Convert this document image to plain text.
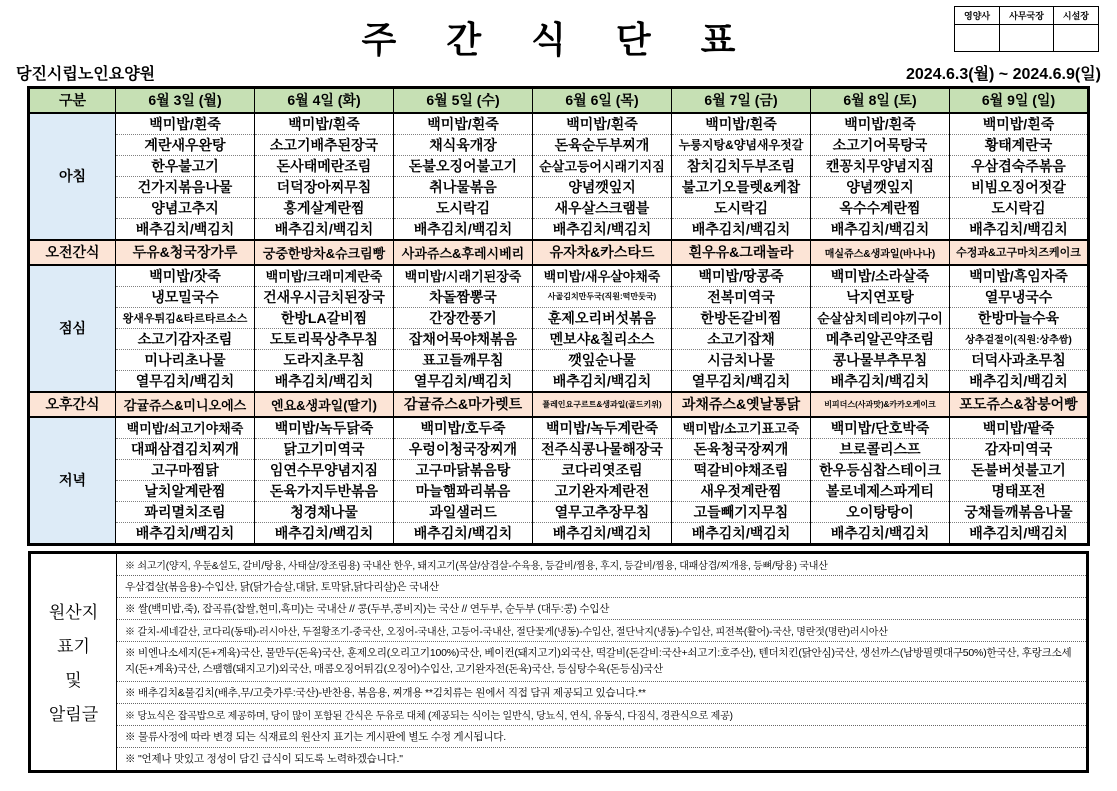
주 간 식 단 표
영양사	사무국장	시설장

당진시립노인요양원	2024.6.3(월) ~ 2024.6.9(일)
구분	6월 3일 (월)	6월 4일 (화)	6월 5일 (수)	6월 6일 (목)	6월 7일 (금)	6월 8일 (토)	6월 9일 (일)
아침	백미밥/흰죽	백미밥/흰죽	백미밥/흰죽	백미밥/흰죽	백미밥/흰죽	백미밥/흰죽	백미밥/흰죽
	계란새우완탕	소고기배추된장국	채식육개장	돈육순두부찌개	누룽지탕&양념새우젓갈	소고기어묵탕국	황태계란국
	한우불고기	돈사태메란조림	돈불오징어불고기	순살고등어시래기지짐	참치김치두부조림	캔꽁치무양념지짐	우삼겹숙주볶음
	건가지볶음나물	더덕장아찌무침	취나물볶음	양념깻잎지	불고기오믈렛&케찹	양념깻잎지	비빔오징어젓갈
	양념고추지	홍게살계란찜	도시락김	새우살스크램블	도시락김	옥수수계란찜	도시락김
	배추김치/백김치	배추김치/백김치	배추김치/백김치	배추김치/백김치	배추김치/백김치	배추김치/백김치	배추김치/백김치
오전간식	두유&청국장가루	궁중한방차&슈크림빵	사과쥬스&후레시베리	유자차&카스타드	흰우유&그래놀라	매실쥬스&생과일(바나나)	수정과&고구마치즈케이크
점심	백미밥/잣죽	백미밥/크래미계란죽	백미밥/시래기된장죽	백미밥/새우살야채죽	백미밥/땅콩죽	백미밥/소라살죽	백미밥/흑임자죽
	냉모밀국수	건새우시금치된장국	차돌짬뽕국	사골김치만두국(직원:떡만둣국)	전복미역국	낙지연포탕	열무냉국수
	왕새우튀김&타르타르소스	한방LA갈비찜	간장깐풍기	훈제오리버섯볶음	한방돈갈비찜	순살삼치데리야끼구이	한방마늘수육
	소고기감자조림	도토리묵상추무침	잡채어묵야채볶음	멘보샤&칠리소스	소고기잡채	메추리알곤약조림	상추겉절이(직원:상추쌈)
	미나리초나물	도라지초무침	표고들깨무침	깻잎순나물	시금치나물	콩나물부추무침	더덕사과초무침
	열무김치/백김치	배추김치/백김치	열무김치/백김치	배추김치/백김치	열무김치/백김치	배추김치/백김치	배추김치/백김치
오후간식	감귤쥬스&미니오에스	엔요&생과일(딸기)	감귤쥬스&마가렛트	플레인요구르트&생과일(골드키위)	과채쥬스&옛날통닭	비피더스(사과맛)&카카오케이크	포도쥬스&참붕어빵
저녁	백미밥/쇠고기야채죽	백미밥/녹두닭죽	백미밥/호두죽	백미밥/녹두계란죽	백미밥/소고기표고죽	백미밥/단호박죽	백미밥/팥죽
	대패삼겹김치찌개	닭고기미역국	우렁이청국장찌개	전주식콩나물해장국	돈육청국장찌개	브로콜리스프	감자미역국
	고구마찜닭	임연수무양념지짐	고구마닭볶음탕	코다리엿조림	떡갈비야채조림	한우등심찹스테이크	돈불버섯불고기
	날치알계란찜	돈육가지두반볶음	마늘햄꽈리볶음	고기완자계란전	새우젓계란찜	볼로네제스파게티	명태포전
	꽈리멸치조림	청경채나물	과일샐러드	열무고추장무침	고들빼기지무침	오이탕탕이	궁채들깨볶음나물
	배추김치/백김치	배추김치/백김치	배추김치/백김치	배추김치/백김치	배추김치/백김치	배추김치/백김치	배추김치/백김치
원산지
표기
및
알림글
※ 쇠고기(양지, 우둔&설도, 갈비/탕용, 사태살/장조림용) 국내산 한우, 돼지고기(목살/삼겹살-수육용, 등갈비/찜용, 후지, 등갈비/찜용, 대패삼겹/찌개용, 등뼈/탕용) 국내산
우삼겹살(볶음용)-수입산, 닭(닭가슴살,대닭, 토막닭,닭다리살)은 국내산
※ 쌀(백미밥,죽), 잡곡류(찹쌀,현미,흑미)는 국내산 // 콩(두부,콩비지)는 국산 // 연두부, 순두부 (대두:콩) 수입산
※ 갈치-세네갈산, 코다리(동태)-러시아산, 두절황조기-중국산, 오징어-국내산, 고등어-국내산, 절단꽃게(냉동)-수입산, 절단낙지(냉동)-수입산, 피전복(활어)-국산, 명란젓(명란)러시아산
※ 비엔나소세지(돈+계육)국산, 물만두(돈육)국산, 훈제오리(오리고기100%)국산, 베이컨(돼지고기)외국산, 떡갈비(돈갈비:국산+쇠고기:호주산), 텐더치킨(닭안심)국산, 생선까스(남방필렛대구50%)한국산, 후랑크소세지(돈+계육)국산, 스팸햄(돼지고기)외국산, 매콤오징어튀김(오징어)수입산, 고기완자전(돈육)국산, 등심탕수육(돈등심)국산
※ 배추김치&물김치(배추,무/고춧가루:국산)-반찬용, 볶음용, 찌개용 **김치류는 원에서 직접 담궈 제공되고 있습니다.**
※ 당뇨식은 잡곡밥으로 제공하며, 당이 많이 포함된 간식은 두유로 대체 (제공되는 식이는 일반식, 당뇨식, 연식, 유동식, 다짐식, 경관식으로 제공)
※ 물류사정에 따라 변경 되는 식재료의 원산지 표기는 게시판에 별도 수정 게시됩니다.
※ "언제나 맛있고 정성이 담긴 급식이 되도록 노력하겠습니다."
